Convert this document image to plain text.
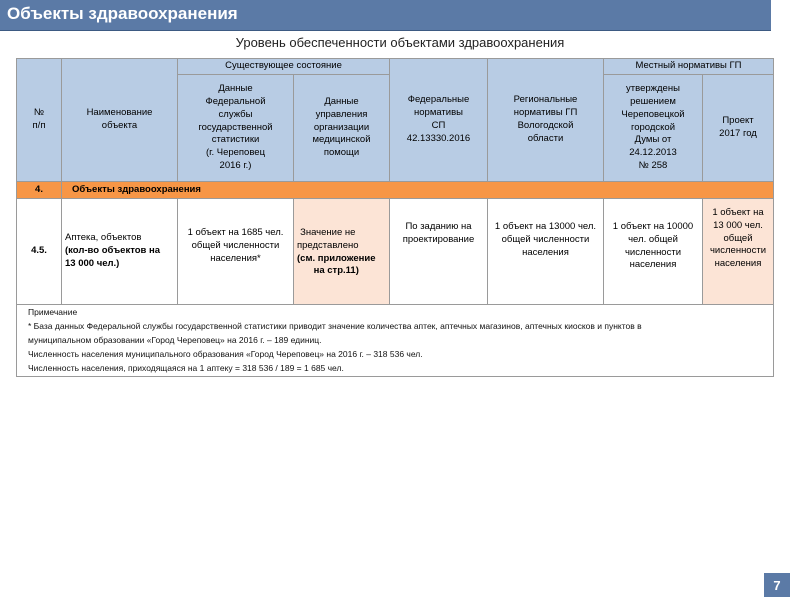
Объекты здравоохранения
Уровень обеспеченности объектами здравоохранения
№
п/п
Наименование
объекта
Существующее состояние
Данные
Федеральной
службы
государственной
статистики
(г. Череповец
2016 г.)
Данные
управления
организации
медицинской
помощи
Федеральные
нормативы
СП
42.13330.2016
Региональные
нормативы ГП
Вологодской
области
Местный нормативы ГП
утверждены
решением
Череповецкой
городской
Думы от
24.12.2013
№ 258
Проект
2017 год
4.	Объекты здравоохранения
4.5.
Аптека, объектов
(кол-во объектов на
13 000 чел.)
1 объект на 1685 чел.
общей численности
населения*
Значение не
представлено
(см. приложение
на стр.11)
По заданию на
проектирование
1 объект на 13000 чел.
общей численности
населения
1 объект на 10000
чел. общей
численности
населения
1 объект на
13 000 чел.
общей
численности
населения
Примечание
* База данных Федеральной службы государственной статистики приводит значение количества аптек, аптечных магазинов, аптечных киосков и пунктов в
муниципальном образовании «Город Череповец» на 2016 г. – 189 единиц.
Численность населения муниципального образования «Город Череповец» на 2016 г. – 318 536 чел.
Численность населения, приходящаяся на 1 аптеку = 318 536 / 189 = 1 685 чел.
7
